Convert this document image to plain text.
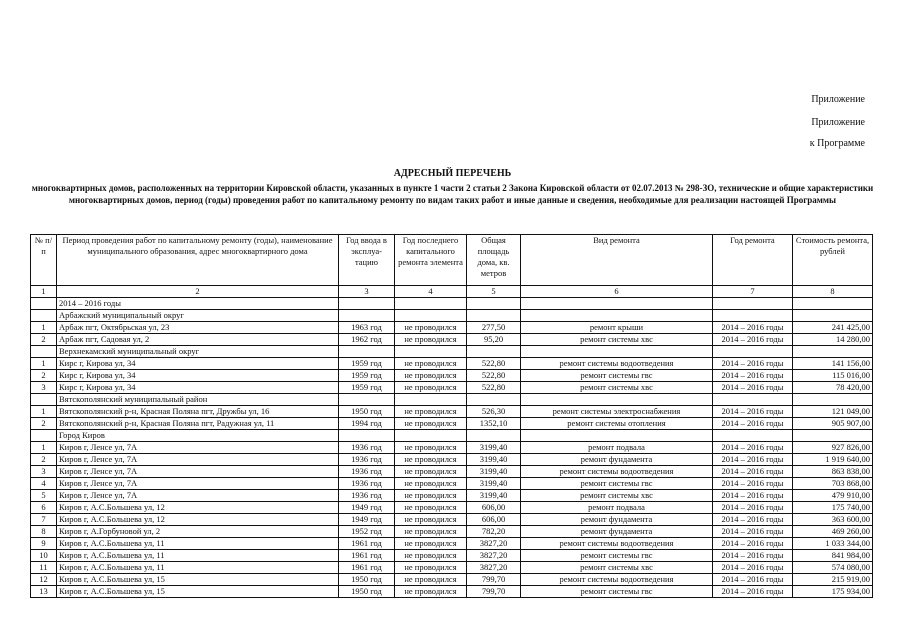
Приложение
Приложение
к Программе
АДРЕСНЫЙ ПЕРЕЧЕНЬ
многоквартирных домов, расположенных на территории Кировской области, указанных в пункте 1 части 2 статьи 2 Закона Кировской области от 02.07.2013 № 298-ЗО, технические и общие характеристики многоквартирных домов, период (годы) проведения работ по капитальному ремонту по видам таких работ и иные данные и сведения, необходимые для реализации настоящей Программы
№ п/п	Период проведения работ по капитальному ремонту (годы), наименование муниципального образования, адрес многоквартирного дома	Год ввода в эксплуа-тацию	Год последнего капитального ремонта элемента	Общая площадь дома, кв. метров	Вид ремонта	Год ремонта	Стоимость ремонта, рублей
1	2	3	4	5	6	7	8
	2014 – 2016 годы						
	Арбажский муниципальный округ						
1	Арбаж пгт, Октябрьская ул, 23	1963 год	не проводился	277,50	ремонт крыши	2014 – 2016 годы	241 425,00
2	Арбаж пгт, Садовая ул, 2	1962 год	не проводился	95,20	ремонт системы хвс	2014 – 2016 годы	14 280,00
	Верхнекамский муниципальный округ						
1	Кирс г, Кирова ул, 34	1959 год	не проводился	522,80	ремонт системы водоотведения	2014 – 2016 годы	141 156,00
2	Кирс г, Кирова ул, 34	1959 год	не проводился	522,80	ремонт системы гвс	2014 – 2016 годы	115 016,00
3	Кирс г, Кирова ул, 34	1959 год	не проводился	522,80	ремонт системы хвс	2014 – 2016 годы	78 420,00
	Вятскополянский муниципальный район						
1	Вятскополянский р-н, Красная Поляна пгт, Дружбы ул, 16	1950 год	не проводился	526,30	ремонт системы электроснабжения	2014 – 2016 годы	121 049,00
2	Вятскополянский р-н, Красная Поляна пгт, Радужная ул, 11	1994 год	не проводился	1352,10	ремонт системы отопления	2014 – 2016 годы	905 907,00
	Город Киров						
1	Киров г, Ленсе ул, 7А	1936 год	не проводился	3199,40	ремонт подвала	2014 – 2016 годы	927 826,00
2	Киров г, Ленсе ул, 7А	1936 год	не проводился	3199,40	ремонт фундамента	2014 – 2016 годы	1 919 640,00
3	Киров г, Ленсе ул, 7А	1936 год	не проводился	3199,40	ремонт системы водоотведения	2014 – 2016 годы	863 838,00
4	Киров г, Ленсе ул, 7А	1936 год	не проводился	3199,40	ремонт системы гвс	2014 – 2016 годы	703 868,00
5	Киров г, Ленсе ул, 7А	1936 год	не проводился	3199,40	ремонт системы хвс	2014 – 2016 годы	479 910,00
6	Киров г, А.С.Большева ул, 12	1949 год	не проводился	606,00	ремонт подвала	2014 – 2016 годы	175 740,00
7	Киров г, А.С.Большева ул, 12	1949 год	не проводился	606,00	ремонт фундамента	2014 – 2016 годы	363 600,00
8	Киров г, А.Горбуновой ул, 2	1952 год	не проводился	782,20	ремонт фундамента	2014 – 2016 годы	469 260,00
9	Киров г, А.С.Большева ул, 11	1961 год	не проводился	3827,20	ремонт системы водоотведения	2014 – 2016 годы	1 033 344,00
10	Киров г, А.С.Большева ул, 11	1961 год	не проводился	3827,20	ремонт системы гвс	2014 – 2016 годы	841 984,00
11	Киров г, А.С.Большева ул, 11	1961 год	не проводился	3827,20	ремонт системы хвс	2014 – 2016 годы	574 080,00
12	Киров г, А.С.Большева ул, 15	1950 год	не проводился	799,70	ремонт системы водоотведения	2014 – 2016 годы	215 919,00
13	Киров г, А.С.Большева ул, 15	1950 год	не проводился	799,70	ремонт системы гвс	2014 – 2016 годы	175 934,00
